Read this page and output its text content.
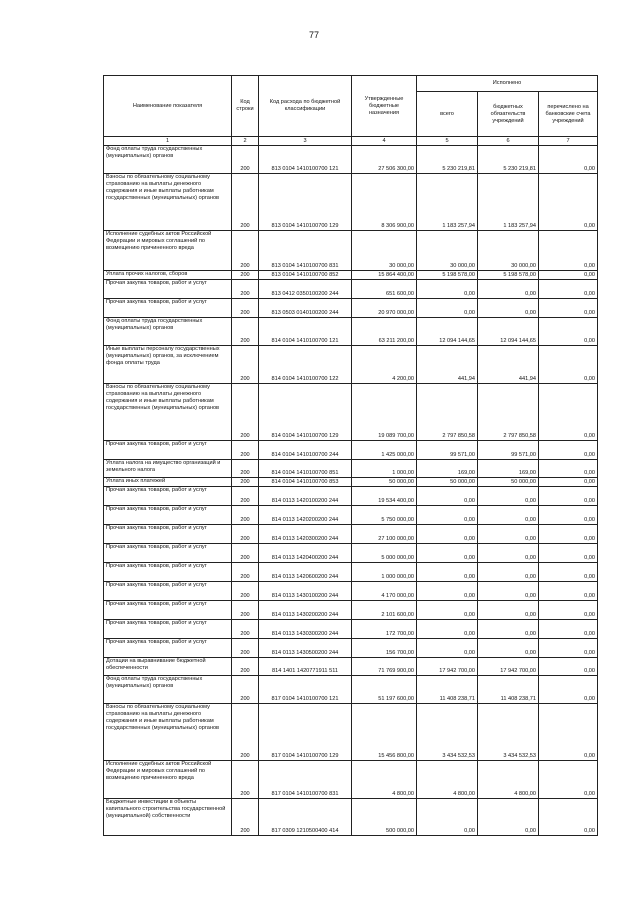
77
Наименование показателя	Код строки	Код расхода по бюджетной классификации	Утвержденные бюджетные назначения	Исполнено		
				всего	бюджетных обязательств учреждений	перечислено на банковские счета учреждений
1	2	3	4	5	6	7
Фонд оплаты труда государственных (муниципальных) органов	200	813 0104 1410100700 121	27 506 300,00	5 230 219,81	5 230 219,81	0,00
Взносы по обязательному социальному страхованию на выплаты денежного содержания и иные выплаты работникам государственных (муниципальных) органов	200	813 0104 1410100700 129	8 306 900,00	1 183 257,94	1 183 257,94	0,00
Исполнение судебных актов Российской Федерации и мировых соглашений по возмещению причиненного вреда	200	813 0104 1410100700 831	30 000,00	30 000,00	30 000,00	0,00
Уплата прочих налогов, сборов	200	813 0104 1410100700 852	15 864 400,00	5 198 578,00	5 198 578,00	0,00
Прочая закупка товаров, работ и услуг	200	813 0412 0350100200 244	651 600,00	0,00	0,00	0,00
Прочая закупка товаров, работ и услуг	200	813 0503 0140100200 244	20 970 000,00	0,00	0,00	0,00
Фонд оплаты труда государственных (муниципальных) органов	200	814 0104 1410100700 121	63 211 200,00	12 094 144,65	12 094 144,65	0,00
Иные выплаты персоналу государственных (муниципальных) органов, за исключением фонда оплаты труда	200	814 0104 1410100700 122	4 200,00	441,94	441,94	0,00
Взносы по обязательному социальному страхованию на выплаты денежного содержания и иные выплаты работникам государственных (муниципальных) органов	200	814 0104 1410100700 129	19 089 700,00	2 797 850,58	2 797 850,58	0,00
Прочая закупка товаров, работ и услуг	200	814 0104 1410100700 244	1 425 000,00	99 571,00	99 571,00	0,00
Уплата налога на имущество организаций и земельного налога	200	814 0104 1410100700 851	1 000,00	169,00	169,00	0,00
Уплата иных платежей	200	814 0104 1410100700 853	50 000,00	50 000,00	50 000,00	0,00
Прочая закупка товаров, работ и услуг	200	814 0113 1420100200 244	19 534 400,00	0,00	0,00	0,00
Прочая закупка товаров, работ и услуг	200	814 0113 1420200200 244	5 750 000,00	0,00	0,00	0,00
Прочая закупка товаров, работ и услуг	200	814 0113 1420300200 244	27 100 000,00	0,00	0,00	0,00
Прочая закупка товаров, работ и услуг	200	814 0113 1420400200 244	5 000 000,00	0,00	0,00	0,00
Прочая закупка товаров, работ и услуг	200	814 0113 1420600200 244	1 000 000,00	0,00	0,00	0,00
Прочая закупка товаров, работ и услуг	200	814 0113 1430100200 244	4 170 000,00	0,00	0,00	0,00
Прочая закупка товаров, работ и услуг	200	814 0113 1430200200 244	2 101 600,00	0,00	0,00	0,00
Прочая закупка товаров, работ и услуг	200	814 0113 1430300200 244	172 700,00	0,00	0,00	0,00
Прочая закупка товаров, работ и услуг	200	814 0113 1430500200 244	156 700,00	0,00	0,00	0,00
Дотации на выравнивание бюджетной обеспеченности	200	814 1401 1420771911 511	71 769 900,00	17 942 700,00	17 942 700,00	0,00
Фонд оплаты труда государственных (муниципальных) органов	200	817 0104 1410100700 121	51 197 600,00	11 408 238,71	11 408 238,71	0,00
Взносы по обязательному социальному страхованию на выплаты денежного содержания и иные выплаты работникам государственных (муниципальных) органов	200	817 0104 1410100700 129	15 456 800,00	3 434 532,53	3 434 532,53	0,00
Исполнение судебных актов Российской Федерации и мировых соглашений по возмещению причиненного вреда	200	817 0104 1410100700 831	4 800,00	4 800,00	4 800,00	0,00
Бюджетные инвестиции в объекты капитального строительства государственной (муниципальной) собственности	200	817 0309 1210500400 414	500 000,00	0,00	0,00	0,00
